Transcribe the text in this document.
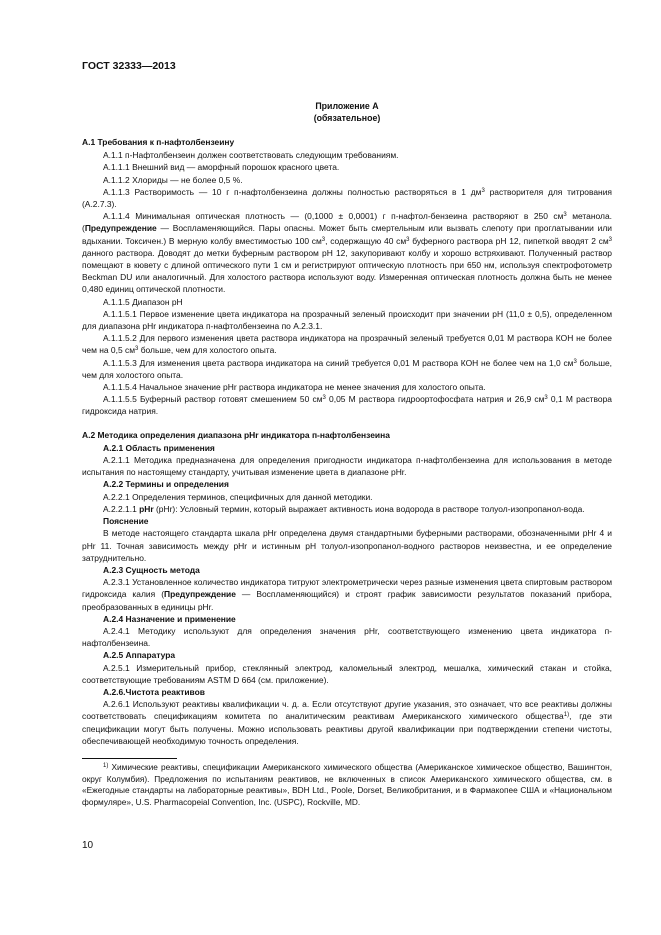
ГОСТ 32333—2013
Приложение А
(обязательное)
А.1 Требования к п-нафтолбензеину

А.1.1 п-Нафтолбензеин должен соответствовать следующим требованиям.

А.1.1.1 Внешний вид — аморфный порошок красного цвета.

А.1.1.2 Хлориды — не более 0,5 %.

А.1.1.3 Растворимость — 10 г п-нафтолбензеина должны полностью растворяться в 1 $дм^3$ растворителя для титрования (А.2.7.3).

А.1.1.4 Минимальная оптическая плотность — (0,1000 ± 0,0001) г п-нафтол-бензеина растворяют в 250 $см^3$ метанола. (Предупреждение — Воспламеняющийся. Пары опасны. Может быть смертельным или вызвать слепоту при проглатывании или вдыхании. Токсичен.) В мерную колбу вместимостью 100 $см^3$, содержащую 40 $см^3$ буферного раствора pH 12, пипеткой вводят 2 $см^3$ данного раствора. Доводят до метки буферным раствором pH 12, закупоривают колбу и хорошо встряхивают. Полученный раствор помещают в кювету с длиной оптического пути 1 см и регистрируют оптическую плотность при 650 нм, используя спектрофотометр Beckman DU или аналогичный. Для холостого раствора используют воду. Измеренная оптическая плотность должна быть не менее 0,480 единиц оптической плотности.

А.1.1.5 Диапазон pH

А.1.1.5.1 Первое изменение цвета индикатора на прозрачный зеленый происходит при значении pH (11,0 ± 0,5), определенном для диапазона pHr индикатора п-нафтолбензеина по А.2.3.1.

А.1.1.5.2 Для первого изменения цвета раствора индикатора на прозрачный зеленый требуется 0,01 М раствора КОН не более чем на 0,5 $см^3$ больше, чем для холостого опыта.

А.1.1.5.3 Для изменения цвета раствора индикатора на синий требуется 0,01 М раствора КОН не более чем на 1,0 $см^3$ больше, чем для холостого опыта.

А.1.1.5.4 Начальное значение pHr раствора индикатора не менее значения для холостого опыта.

А.1.1.5.5 Буферный раствор готовят смешением 50 $см^3$ 0,05 М раствора гидроортофосфата натрия и 26,9 $см^3$ 0,1 М раствора гидроксида натрия.

А.2 Методика определения диапазона pHr индикатора п-нафтолбензеина
А.2.1 Область применения

А.2.1.1 Методика предназначена для определения пригодности индикатора п-нафтолбензеина для использования в методе испытания по настоящему стандарту, учитывая изменение цвета в диапазоне pHr.

А.2.2 Термины и определения

А.2.2.1 Определения терминов, специфичных для данной методики.

А.2.2.1.1 pHr (pHr): Условный термин, который выражает активность иона водорода в растворе толуол-изопропанол-вода.

Пояснение

В методе настоящего стандарта шкала pHr определена двумя стандартными буферными растворами, обозначенными pHr 4 и pHr 11. Точная зависимость между pHr и истинным pH толуол-изопропанол-водного растворов неизвестна, и ее определение затруднительно.

А.2.3 Сущность метода

А.2.3.1 Установленное количество индикатора титруют электрометрически через разные изменения цвета спиртовым раствором гидроксида калия (Предупреждение — Воспламеняющийся) и строят график зависимости результатов показаний прибора, преобразованных в единицы pHr.

А.2.4 Назначение и применение

А.2.4.1 Методику используют для определения значения pHr, соответствующего изменению цвета индикатора п-нафтолбензеина.

А.2.5 Аппаратура

А.2.5.1 Измерительный прибор, стеклянный электрод, каломельный электрод, мешалка, химический стакан и стойка, соответствующие требованиям ASTM D 664 (см. приложение).

А.2.6.Чистота реактивов

А.2.6.1 Используют реактивы квалификации ч. д. а. Если отсутствуют другие указания, это означает, что все реактивы должны соответствовать спецификациям комитета по аналитическим реактивам Американского химического общества$^{1)}$, где эти спецификации могут быть получены. Можно использовать реактивы другой квалификации при подтверждении степени чистоты, обеспечивающей необходимую точность определения.

$^{1)}$ Химические реактивы, спецификации Американского химического общества (Американское химическое общество, Вашингтон, округ Колумбия). Предложения по испытаниям реактивов, не включенных в список Американского химического общества, см. в «Ежегодные стандарты на лабораторные реактивы», BDH Ltd., Poole, Dorset, Великобритания, и в Фармакопее США и «Национальном формуляре», U.S. Pharmacopeial Convention, Inc. (USPC), Rockville, MD.

10
